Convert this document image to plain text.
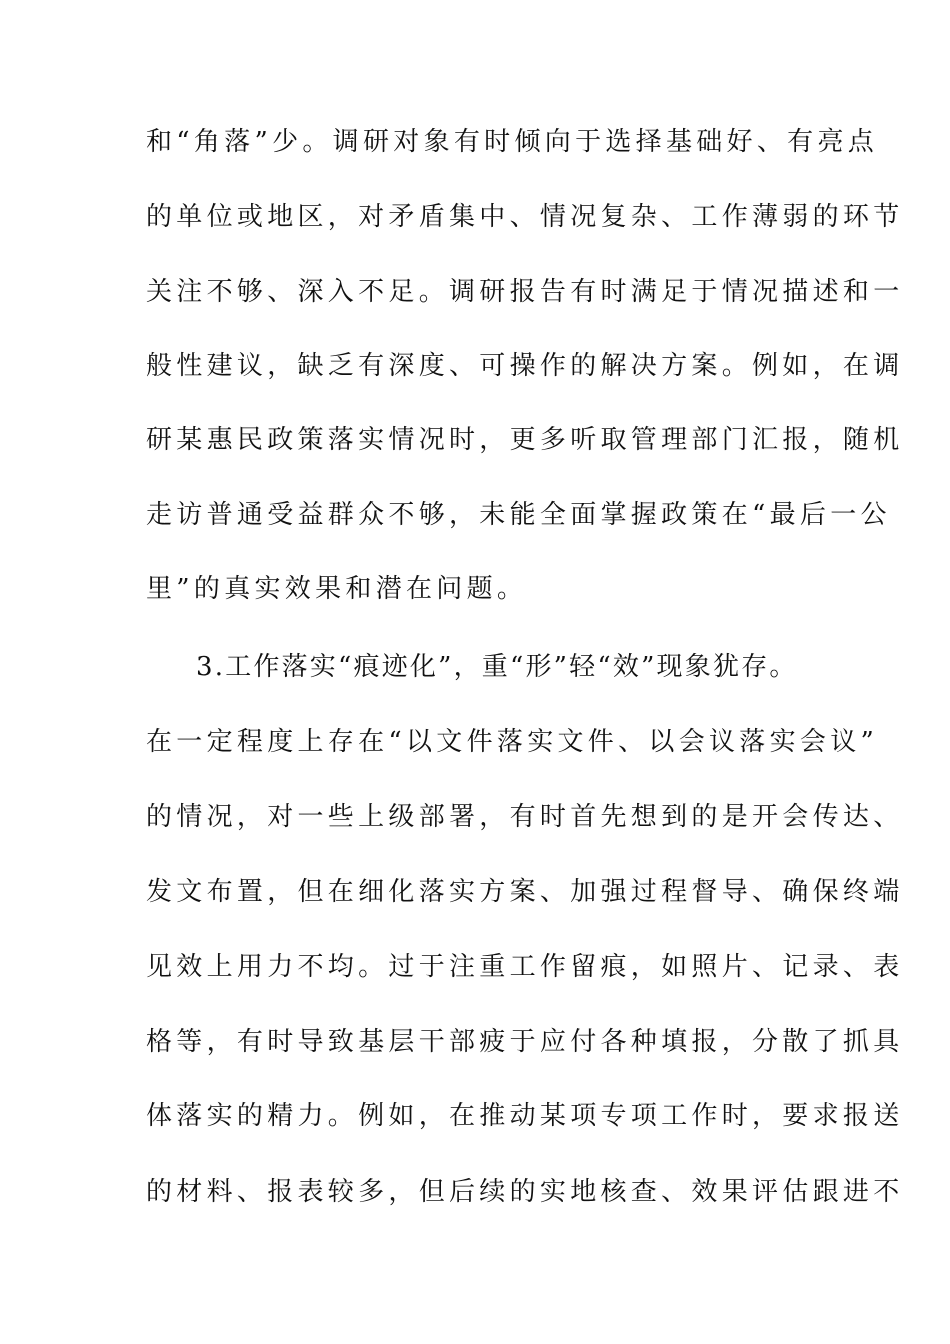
和“角落”少。调研对象有时倾向于选择基础好、有亮点
的单位或地区，对矛盾集中、情况复杂、工作薄弱的环节
关注不够、深入不足。调研报告有时满足于情况描述和一
般性建议，缺乏有深度、可操作的解决方案。例如，在调
研某惠民政策落实情况时，更多听取管理部门汇报，随机
走访普通受益群众不够，未能全面掌握政策在“最后一公
里”的真实效果和潜在问题。
3.工作落实“痕迹化”，重“形”轻“效”现象犹存。
在一定程度上存在“以文件落实文件、以会议落实会议”
的情况，对一些上级部署，有时首先想到的是开会传达、
发文布置，但在细化落实方案、加强过程督导、确保终端
见效上用力不均。过于注重工作留痕，如照片、记录、表
格等，有时导致基层干部疲于应付各种填报，分散了抓具
体落实的精力。例如，在推动某项专项工作时，要求报送
的材料、报表较多，但后续的实地核查、效果评估跟进不
